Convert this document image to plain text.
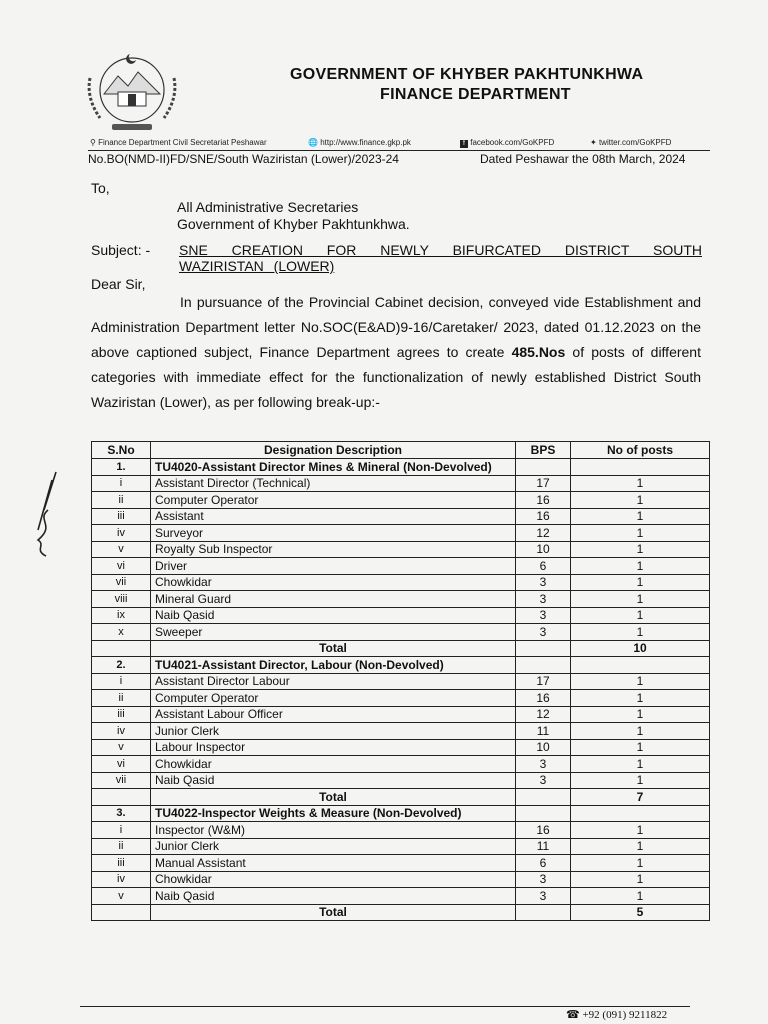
GOVERNMENT OF KHYBER PAKHTUNKHWA
FINANCE DEPARTMENT
⚲ Finance Department Civil Secretariat Peshawar	🌐 http://www.finance.gkp.pk	f facebook.com/GoKPFD	✦ twitter.com/GoKPFD
No.BO(NMD-II)FD/SNE/South Waziristan (Lower)/2023-24	Dated Peshawar the 08th March, 2024
To,
All Administrative Secretaries
Government of Khyber Pakhtunkhwa.
Subject: - SNE CREATION FOR NEWLY BIFURCATED DISTRICT SOUTH WAZIRISTAN (LOWER)
Dear Sir,
In pursuance of the Provincial Cabinet decision, conveyed vide Establishment and Administration Department letter No.SOC(E&AD)9-16/Caretaker/ 2023, dated 01.12.2023 on the above captioned subject, Finance Department agrees to create 485.Nos of posts of different categories with immediate effect for the functionalization of newly established District South Waziristan (Lower), as per following break-up:-
S.No	Designation Description	BPS	No of posts
1.	TU4020-Assistant Director Mines & Mineral (Non-Devolved)		
i	Assistant Director (Technical)	17	1
ii	Computer Operator	16	1
iii	Assistant	16	1
iv	Surveyor	12	1
v	Royalty Sub Inspector	10	1
vi	Driver	6	1
vii	Chowkidar	3	1
viii	Mineral Guard	3	1
ix	Naib Qasid	3	1
x	Sweeper	3	1
	Total		10
2.	TU4021-Assistant Director, Labour (Non-Devolved)		
i	Assistant Director Labour	17	1
ii	Computer Operator	16	1
iii	Assistant Labour Officer	12	1
iv	Junior Clerk	11	1
v	Labour Inspector	10	1
vi	Chowkidar	3	1
vii	Naib Qasid	3	1
	Total		7
3.	TU4022-Inspector Weights & Measure (Non-Devolved)		
i	Inspector (W&M)	16	1
ii	Junior Clerk	11	1
iii	Manual Assistant	6	1
iv	Chowkidar	3	1
v	Naib Qasid	3	1
	Total		5
☎ +92 (091) 9211822
